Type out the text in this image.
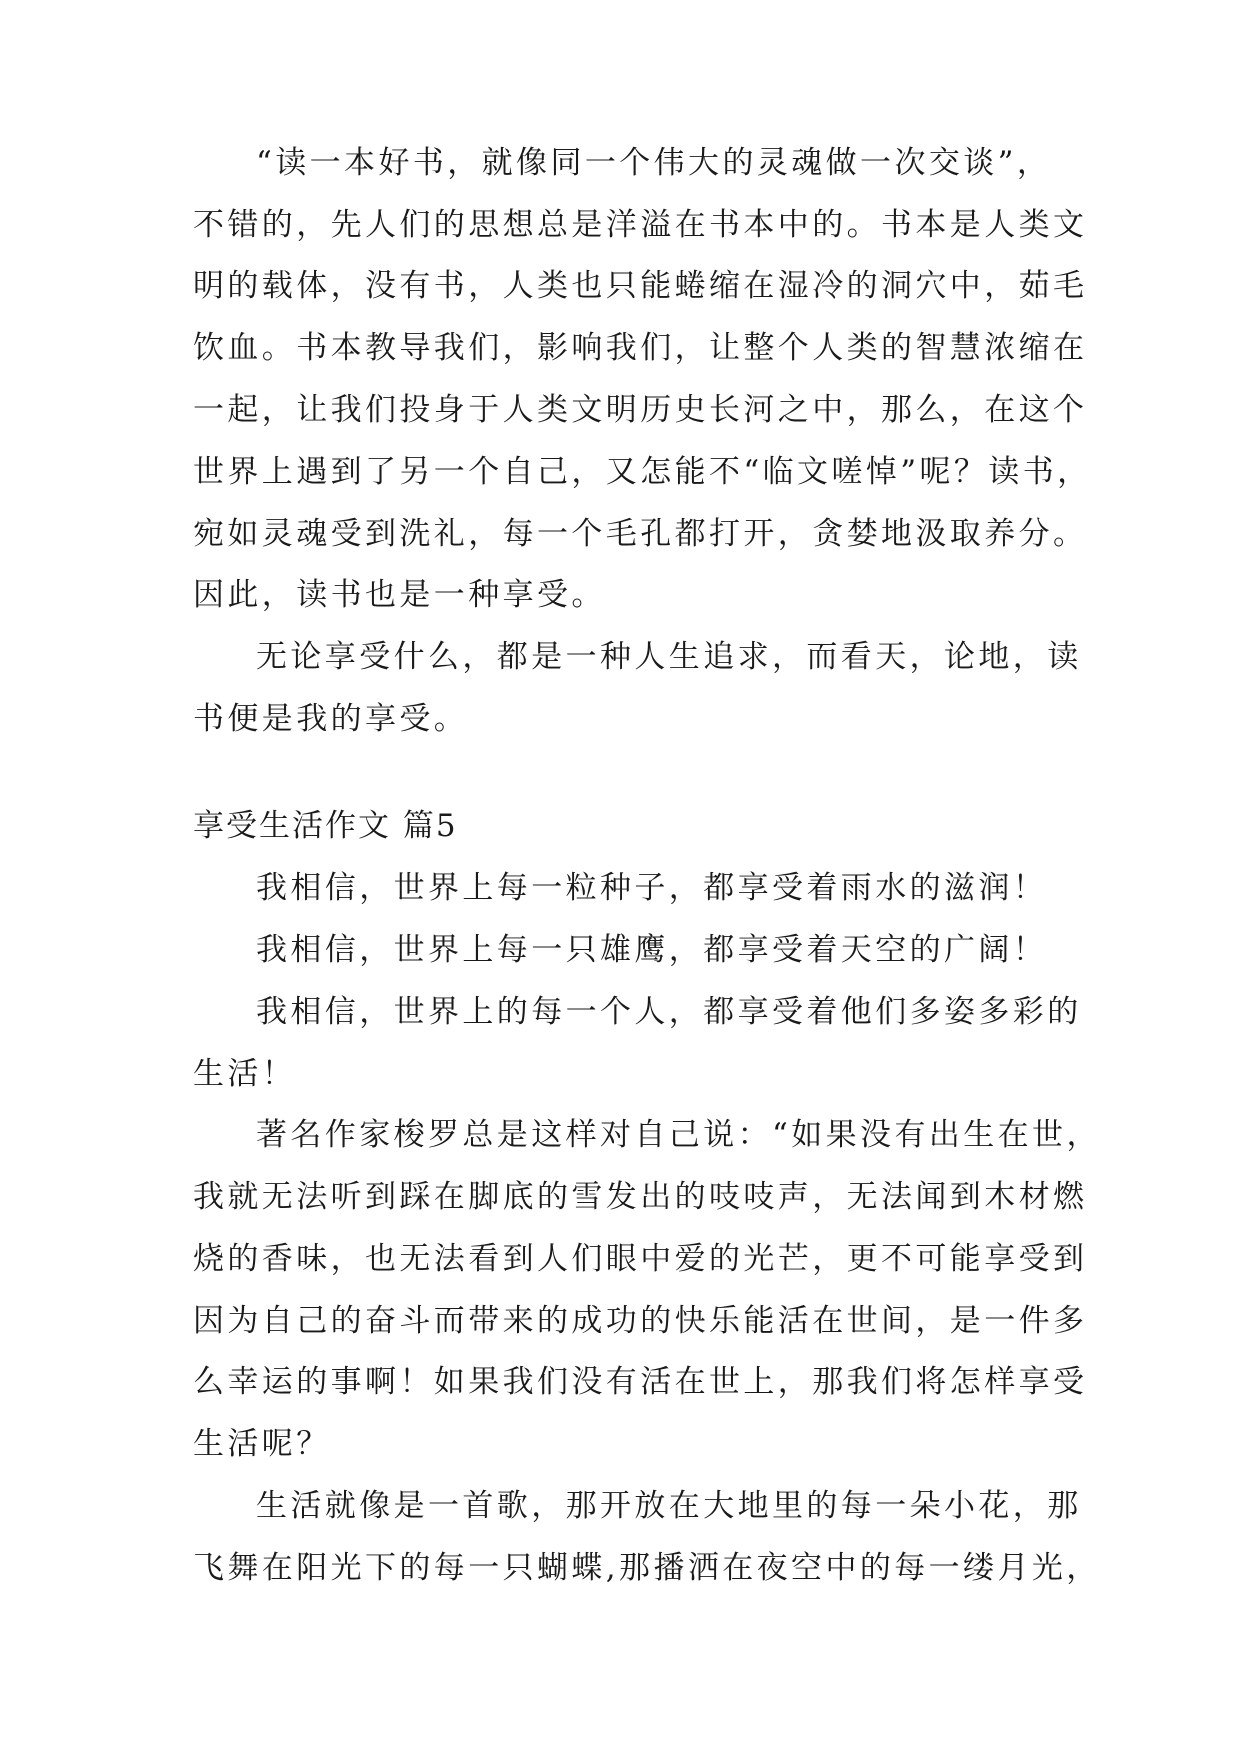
“读一本好书，就像同一个伟大的灵魂做一次交谈”，
不错的，先人们的思想总是洋溢在书本中的。书本是人类文
明的载体，没有书，人类也只能蜷缩在湿冷的洞穴中，茹毛
饮血。书本教导我们，影响我们，让整个人类的智慧浓缩在
一起，让我们投身于人类文明历史长河之中，那么，在这个
世界上遇到了另一个自己，又怎能不“临文嗟悼”呢？读书，
宛如灵魂受到洗礼，每一个毛孔都打开，贪婪地汲取养分。
因此，读书也是一种享受。
无论享受什么，都是一种人生追求，而看天，论地，读
书便是我的享受。
享受生活作文 篇5
我相信，世界上每一粒种子，都享受着雨水的滋润！
我相信，世界上每一只雄鹰，都享受着天空的广阔！
我相信，世界上的每一个人，都享受着他们多姿多彩的
生活！
著名作家梭罗总是这样对自己说：“如果没有出生在世，
我就无法听到踩在脚底的雪发出的吱吱声，无法闻到木材燃
烧的香味，也无法看到人们眼中爱的光芒，更不可能享受到
因为自己的奋斗而带来的成功的快乐能活在世间，是一件多
么幸运的事啊！如果我们没有活在世上，那我们将怎样享受
生活呢？
生活就像是一首歌，那开放在大地里的每一朵小花，那
飞舞在阳光下的每一只蝴蝶,那播洒在夜空中的每一缕月光，
